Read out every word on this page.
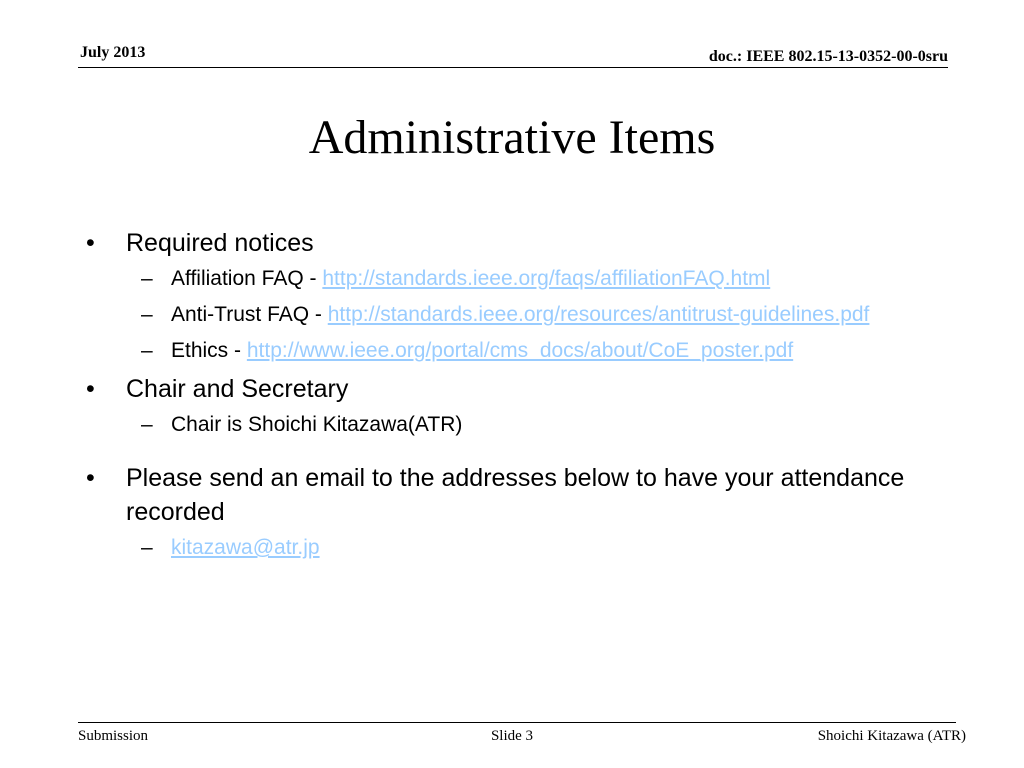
July 2013	doc.: IEEE 802.15-13-0352-00-0sru
Administrative Items
•	Required notices
– Affiliation FAQ - http://standards.ieee.org/faqs/affiliationFAQ.html
– Anti-Trust FAQ - http://standards.ieee.org/resources/antitrust-guidelines.pdf
– Ethics - http://www.ieee.org/portal/cms_docs/about/CoE_poster.pdf
•	Chair and Secretary
– Chair is Shoichi Kitazawa(ATR)
•	Please send an email to the addresses below to have your attendance recorded
– kitazawa@atr.jp
Submission	Slide 3	Shoichi Kitazawa (ATR)
